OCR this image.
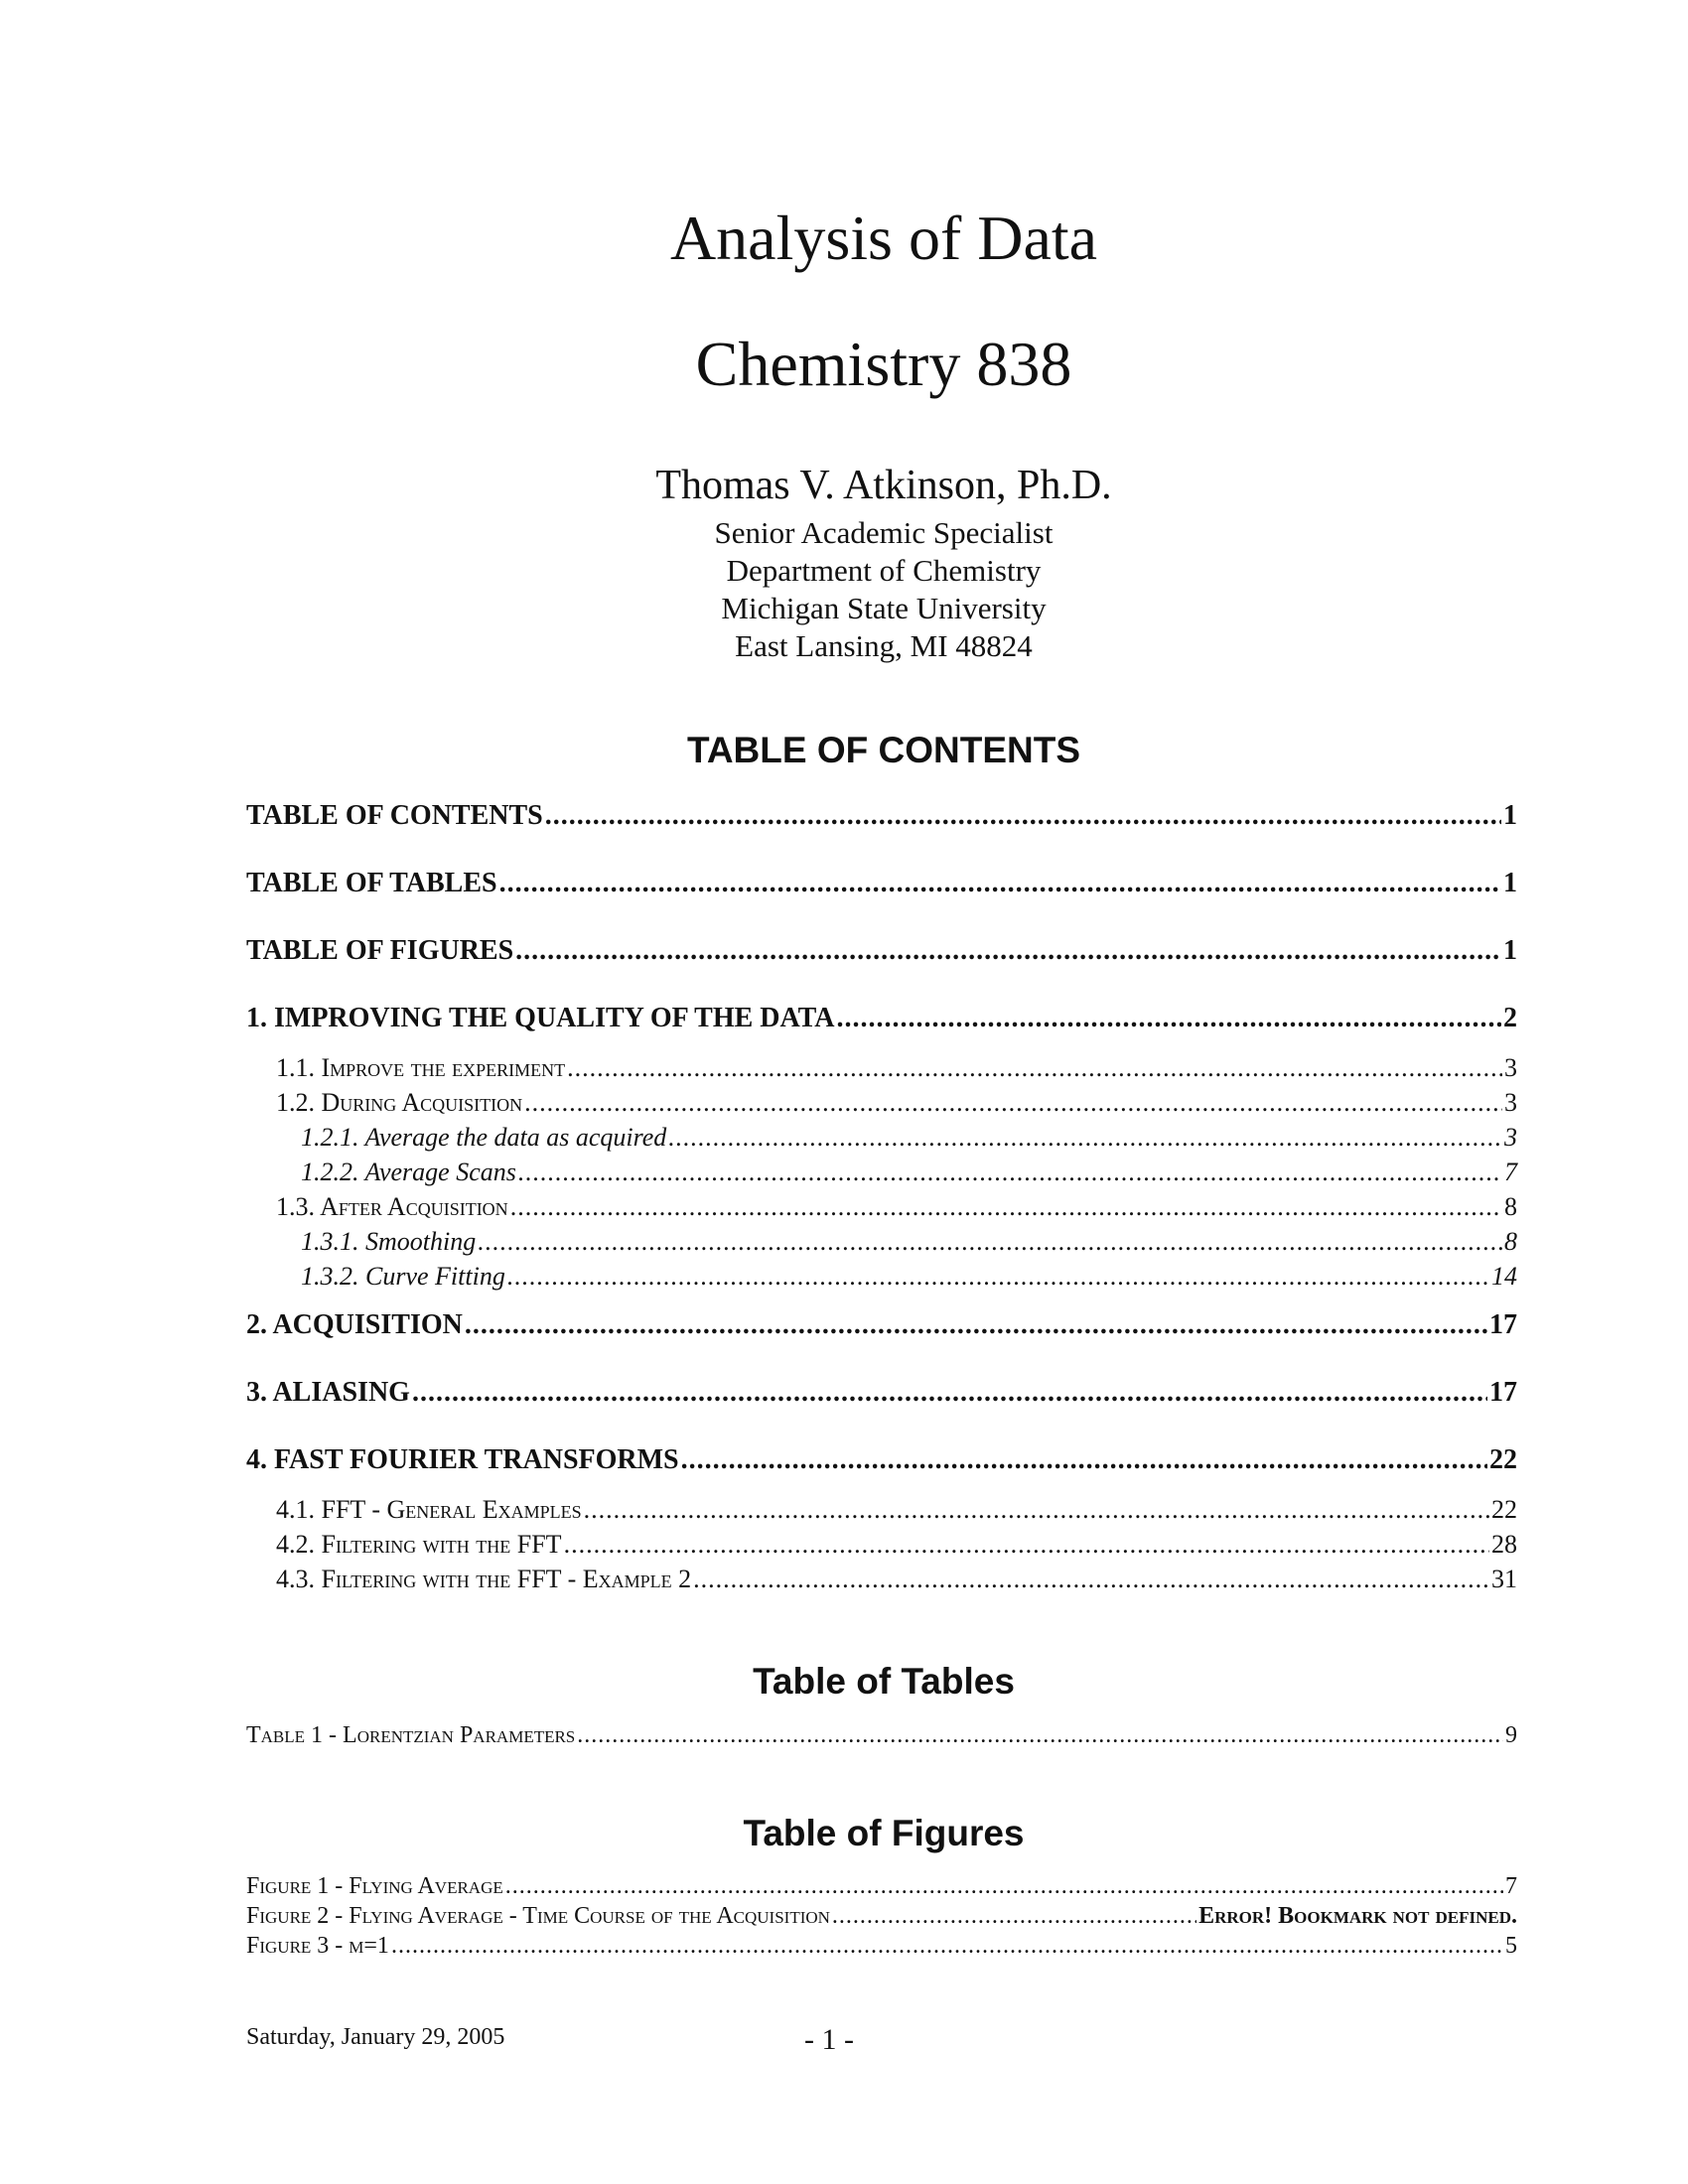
Analysis of Data
Chemistry 838
Thomas V. Atkinson, Ph.D.
Senior Academic Specialist
Department of Chemistry
Michigan State University
East Lansing, MI 48824
TABLE OF CONTENTS
TABLE OF CONTENTS .....	1
TABLE OF TABLES .....	1
TABLE OF FIGURES .....	1
1. IMPROVING THE QUALITY OF THE DATA .....	2
1.1. Improve the experiment .....	3
1.2. During Acquisition .....	3
1.2.1. Average the data as acquired .....	3
1.2.2. Average Scans .....	7
1.3. After Acquisition .....	8
1.3.1. Smoothing .....	8
1.3.2. Curve Fitting .....	14
2. ACQUISITION .....	17
3. ALIASING .....	17
4. FAST FOURIER TRANSFORMS .....	22
4.1. FFT - General Examples .....	22
4.2. Filtering with the FFT .....	28
4.3. Filtering with the FFT - Example 2 .....	31
Table of Tables
Table 1 - Lorentzian Parameters .....	9
Table of Figures
Figure 1 - Flying Average .....	7
Figure 2 - Flying Average - Time Course of the Acquisition .....	Error! Bookmark not defined.
Figure 3 - m=1 .....	5
Saturday, January 29, 2005	- 1 -
